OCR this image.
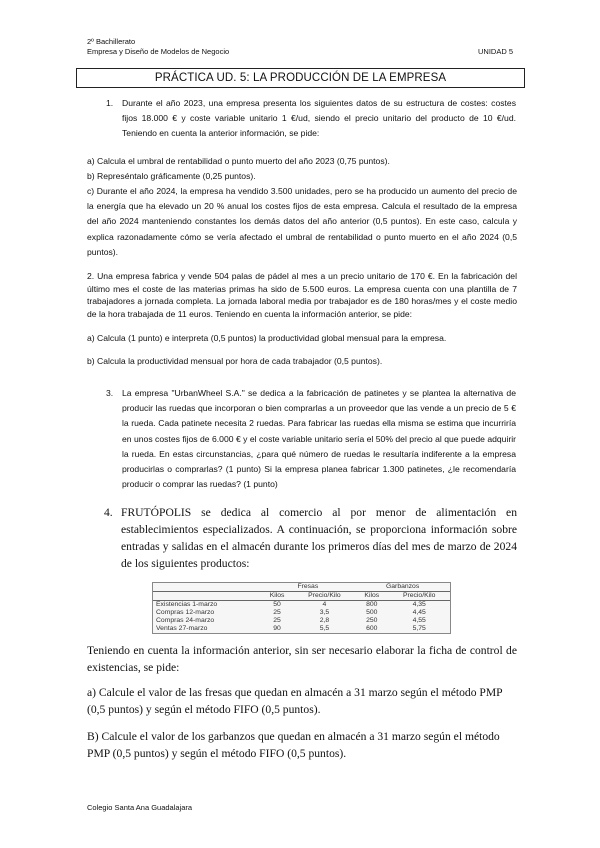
2º Bachillerato
Empresa y Diseño de Modelos de Negocio	UNIDAD 5
PRÁCTICA UD. 5: LA PRODUCCIÓN DE LA EMPRESA
1. Durante el año 2023, una empresa presenta los siguientes datos de su estructura de costes: costes fijos 18.000 € y coste variable unitario 1 €/ud, siendo el precio unitario del producto de 10 €/ud. Teniendo en cuenta la anterior información, se pide:

a) Calcula el umbral de rentabilidad o punto muerto del año 2023 (0,75 puntos).

b) Represéntalo gráficamente (0,25 puntos).

c) Durante el año 2024, la empresa ha vendido 3.500 unidades, pero se ha producido un aumento del precio de la energía que ha elevado un 20 % anual los costes fijos de esta empresa. Calcula el resultado de la empresa del año 2024 manteniendo constantes los demás datos del año anterior (0,5 puntos). En este caso, calcula y explica razonadamente cómo se vería afectado el umbral de rentabilidad o punto muerto en el año 2024 (0,5 puntos).

2. Una empresa fabrica y vende 504 palas de pádel al mes a un precio unitario de 170 €. En la fabricación del último mes el coste de las materias primas ha sido de 5.500 euros. La empresa cuenta con una plantilla de 7 trabajadores a jornada completa. La jornada laboral media por trabajador es de 180 horas/mes y el coste medio de la hora trabajada de 11 euros. Teniendo en cuenta la información anterior, se pide:

a) Calcula (1 punto) e interpreta (0,5 puntos) la productividad global mensual para la empresa.

b) Calcula la productividad mensual por hora de cada trabajador (0,5 puntos).

3. La empresa "UrbanWheel S.A." se dedica a la fabricación de patinetes y se plantea la alternativa de producir las ruedas que incorporan o bien comprarlas a un proveedor que las vende a un precio de 5 € la rueda. Cada patinete necesita 2 ruedas. Para fabricar las ruedas ella misma se estima que incurriría en unos costes fijos de 6.000 € y el coste variable unitario sería el 50% del precio al que puede adquirir la rueda. En estas circunstancias, ¿para qué número de ruedas le resultaría indiferente a la empresa producirlas o comprarlas? (1 punto) Si la empresa planea fabricar 1.300 patinetes, ¿le recomendaría producir o comprar las ruedas? (1 punto)

4. FRUTÓPOLIS se dedica al comercio al por menor de alimentación en establecimientos especializados. A continuación, se proporciona información sobre entradas y salidas en el almacén durante los primeros días del mes de marzo de 2024 de los siguientes productos:

	Fresas		Garbanzos	
	Kilos	Precio/Kilo	Kilos	Precio/Kilo
Existencias 1-marzo	50	4	800	4,35
Compras 12-marzo	25	3,5	500	4,45
Compras 24-marzo	25	2,8	250	4,55
Ventas 27-marzo	90	5,5	600	5,75

Teniendo en cuenta la información anterior, sin ser necesario elaborar la ficha de control de existencias, se pide:

a) Calcule el valor de las fresas que quedan en almacén a 31 marzo según el método PMP (0,5 puntos) y según el método FIFO (0,5 puntos).

B) Calcule el valor de los garbanzos que quedan en almacén a 31 marzo según el método PMP (0,5 puntos) y según el método FIFO (0,5 puntos).

Colegio Santa Ana Guadalajara
